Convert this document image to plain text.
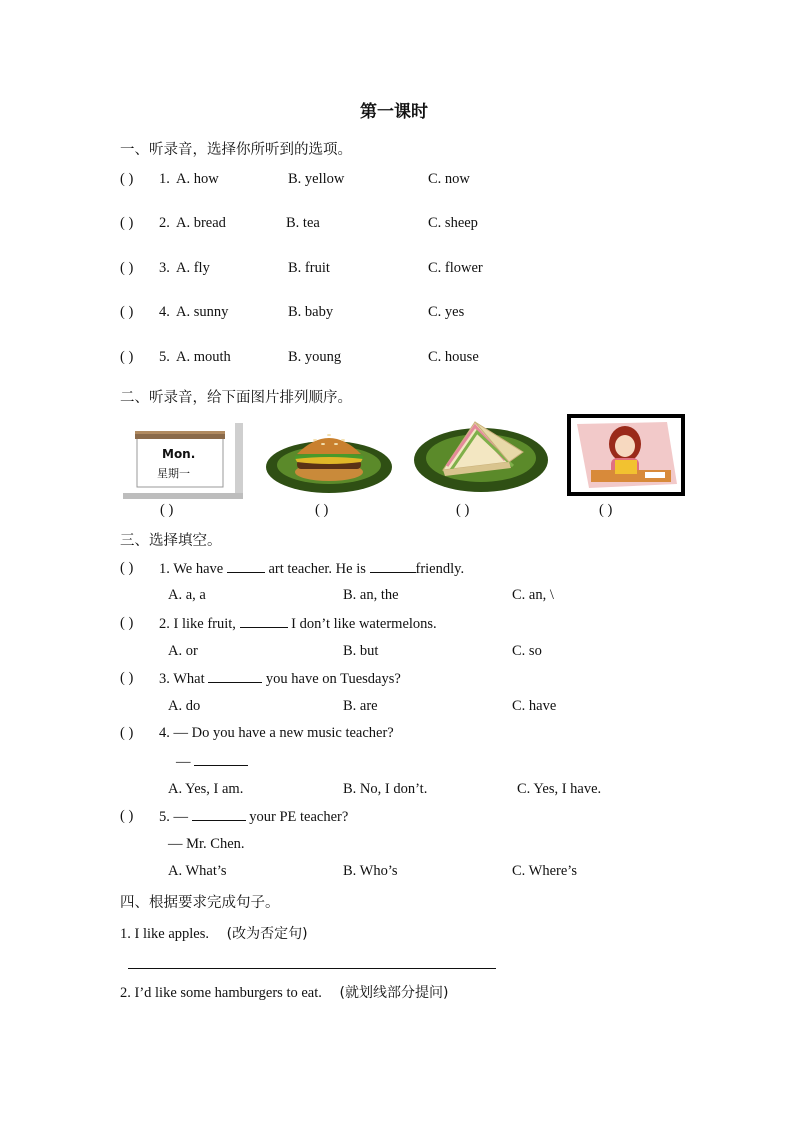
第一课时
一、听录音，选择你所听到的选项。
( ) 1. A. how	B. yellow	C. now
( ) 2. A. bread	B. tea	C. sheep
( ) 3. A. fly	B. fruit	C. flower
( ) 4. A. sunny	B. baby	C. yes
( ) 5. A. mouth	B. young	C. house
二、听录音，给下面图片排列顺序。
Mon.
星期一
( )	( )	( )	( )
三、选择填空。
( ) 1. We have	art teacher. He is	friendly.
A. a, a	B. an, the	C. an, \
( ) 2. I like fruit,	I don’t like watermelons.
A. or	B. but	C. so
( ) 3. What	you have on Tuesdays?
A. do	B. are	C. have
( ) 4. — Do you have a new music teacher?
—
A. Yes, I am.	B. No, I don’t.	C. Yes, I have.
( ) 5. —	your PE teacher?
— Mr. Chen.
A. What’s	B. Who’s	C. Where’s
四、根据要求完成句子。
1. I like apples. (改为否定句)
2. I’d like some hamburgers to eat. (就划线部分提问)
